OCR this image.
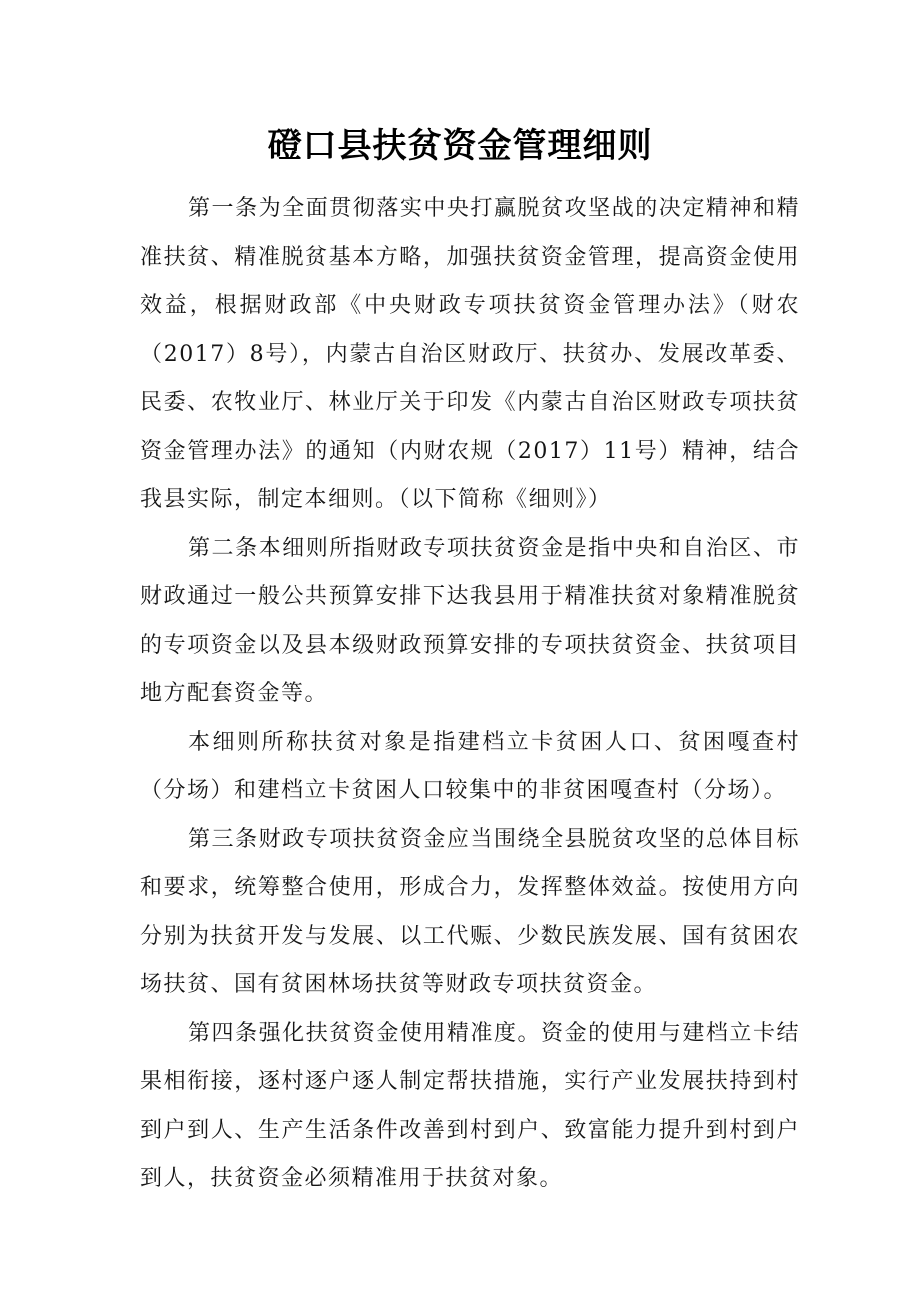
磴口县扶贫资金管理细则

第一条为全面贯彻落实中央打赢脱贫攻坚战的决定精神和精准扶贫、精准脱贫基本方略，加强扶贫资金管理，提高资金使用效益，根据财政部《中央财政专项扶贫资金管理办法》（财农（2017）8号），内蒙古自治区财政厅、扶贫办、发展改革委、民委、农牧业厅、林业厅关于印发《内蒙古自治区财政专项扶贫资金管理办法》的通知（内财农规（2017）11号）精神，结合我县实际，制定本细则。（以下简称《细则》）

第二条本细则所指财政专项扶贫资金是指中央和自治区、市财政通过一般公共预算安排下达我县用于精准扶贫对象精准脱贫的专项资金以及县本级财政预算安排的专项扶贫资金、扶贫项目地方配套资金等。

本细则所称扶贫对象是指建档立卡贫困人口、贫困嘎查村（分场）和建档立卡贫困人口较集中的非贫困嘎查村（分场）。

第三条财政专项扶贫资金应当围绕全县脱贫攻坚的总体目标和要求，统筹整合使用，形成合力，发挥整体效益。按使用方向分别为扶贫开发与发展、以工代赈、少数民族发展、国有贫困农场扶贫、国有贫困林场扶贫等财政专项扶贫资金。

第四条强化扶贫资金使用精准度。资金的使用与建档立卡结果相衔接，逐村逐户逐人制定帮扶措施，实行产业发展扶持到村到户到人、生产生活条件改善到村到户、致富能力提升到村到户到人，扶贫资金必须精准用于扶贫对象。
